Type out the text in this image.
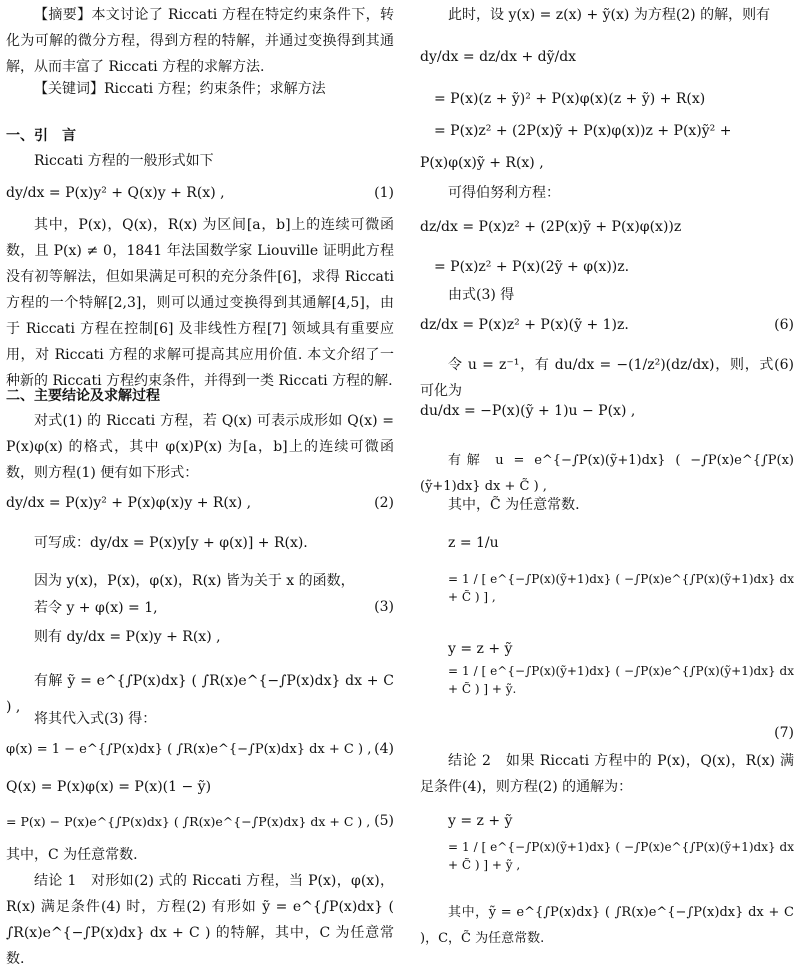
【摘要】本文讨论了 Riccati 方程在特定约束条件下，转化为可解的微分方程，得到方程的特解，并通过变换得到其通解，从而丰富了 Riccati 方程的求解方法.

【关键词】Riccati 方程；约束条件；求解方法

一、引　言

Riccati 方程的一般形式如下

dy/dx = P(x)y² + Q(x)y + R(x) ,	(1)

其中，P(x)，Q(x)，R(x) 为区间[a，b]上的连续可微函数，且 P(x) ≠ 0，1841 年法国数学家 Liouville 证明此方程没有初等解法，但如果满足可积的充分条件[6]，求得 Riccati 方程的一个特解[2,3]，则可以通过变换得到其通解[4,5]，由于 Riccati 方程在控制[6] 及非线性方程[7] 领域具有重要应用，对 Riccati 方程的求解可提高其应用价值. 本文介绍了一种新的 Riccati 方程约束条件，并得到一类 Riccati 方程的解.

二、主要结论及求解过程

对式(1) 的 Riccati 方程，若 Q(x) 可表示成形如 Q(x) = P(x)φ(x) 的格式，其中 φ(x)P(x) 为[a，b]上的连续可微函数，则方程(1) 便有如下形式：

dy/dx = P(x)y² + P(x)φ(x)y + R(x) ,	(2)

可写成：dy/dx = P(x)y[y + φ(x)] + R(x).

因为 y(x)，P(x)，φ(x)，R(x) 皆为关于 x 的函数，

若令 y + φ(x) = 1,	(3)

则有 dy/dx = P(x)y + R(x) ,

有解 ỹ = e^{∫P(x)dx} ( ∫R(x)e^{−∫P(x)dx} dx + C ) ,

将其代入式(3) 得：

φ(x) = 1 − e^{∫P(x)dx} ( ∫R(x)e^{−∫P(x)dx} dx + C ) , (4)

Q(x) = P(x)φ(x) = P(x)(1 − ỹ)

= P(x) − P(x)e^{∫P(x)dx} ( ∫R(x)e^{−∫P(x)dx} dx + C ) , (5)

其中，C 为任意常数.

结论 1　对形如(2) 式的 Riccati 方程，当 P(x)，φ(x)，R(x) 满足条件(4) 时，方程(2) 有形如 ỹ = e^{∫P(x)dx} ( ∫R(x)e^{−∫P(x)dx} dx + C ) 的特解，其中，C 为任意常数.

此时，设 y(x) = z(x) + ỹ(x) 为方程(2) 的解，则有

dy/dx = dz/dx + dỹ/dx

= P(x)(z + ỹ)² + P(x)φ(x)(z + ỹ) + R(x)

= P(x)z² + (2P(x)ỹ + P(x)φ(x))z + P(x)ỹ² +

P(x)φ(x)ỹ + R(x) ,

可得伯努利方程：

dz/dx = P(x)z² + (2P(x)ỹ + P(x)φ(x))z

= P(x)z² + P(x)(2ỹ + φ(x))z.

由式(3) 得

dz/dx = P(x)z² + P(x)(ỹ + 1)z.	(6)

令 u = z⁻¹，有 du/dx = −(1/z²)(dz/dx)，则，式(6) 可化为

du/dx = −P(x)(ỹ + 1)u − P(x) ,

有解 u = e^{−∫P(x)(ỹ+1)dx} ( −∫P(x)e^{∫P(x)(ỹ+1)dx} dx + C̃ ) ,

其中，C̃ 为任意常数.

z = 1/u

= 1 / [ e^{−∫P(x)(ỹ+1)dx} ( −∫P(x)e^{∫P(x)(ỹ+1)dx} dx + C̃ ) ] ,

y = z + ỹ

= 1 / [ e^{−∫P(x)(ỹ+1)dx} ( −∫P(x)e^{∫P(x)(ỹ+1)dx} dx + C̃ ) ] + ỹ.

(7)

结论 2　如果 Riccati 方程中的 P(x)，Q(x)，R(x) 满足条件(4)，则方程(2) 的通解为：

y = z + ỹ

= 1 / [ e^{−∫P(x)(ỹ+1)dx} ( −∫P(x)e^{∫P(x)(ỹ+1)dx} dx + C̃ ) ] + ỹ ,

其中，ỹ = e^{∫P(x)dx} ( ∫R(x)e^{−∫P(x)dx} dx + C )，C，C̃ 为任意常数.
